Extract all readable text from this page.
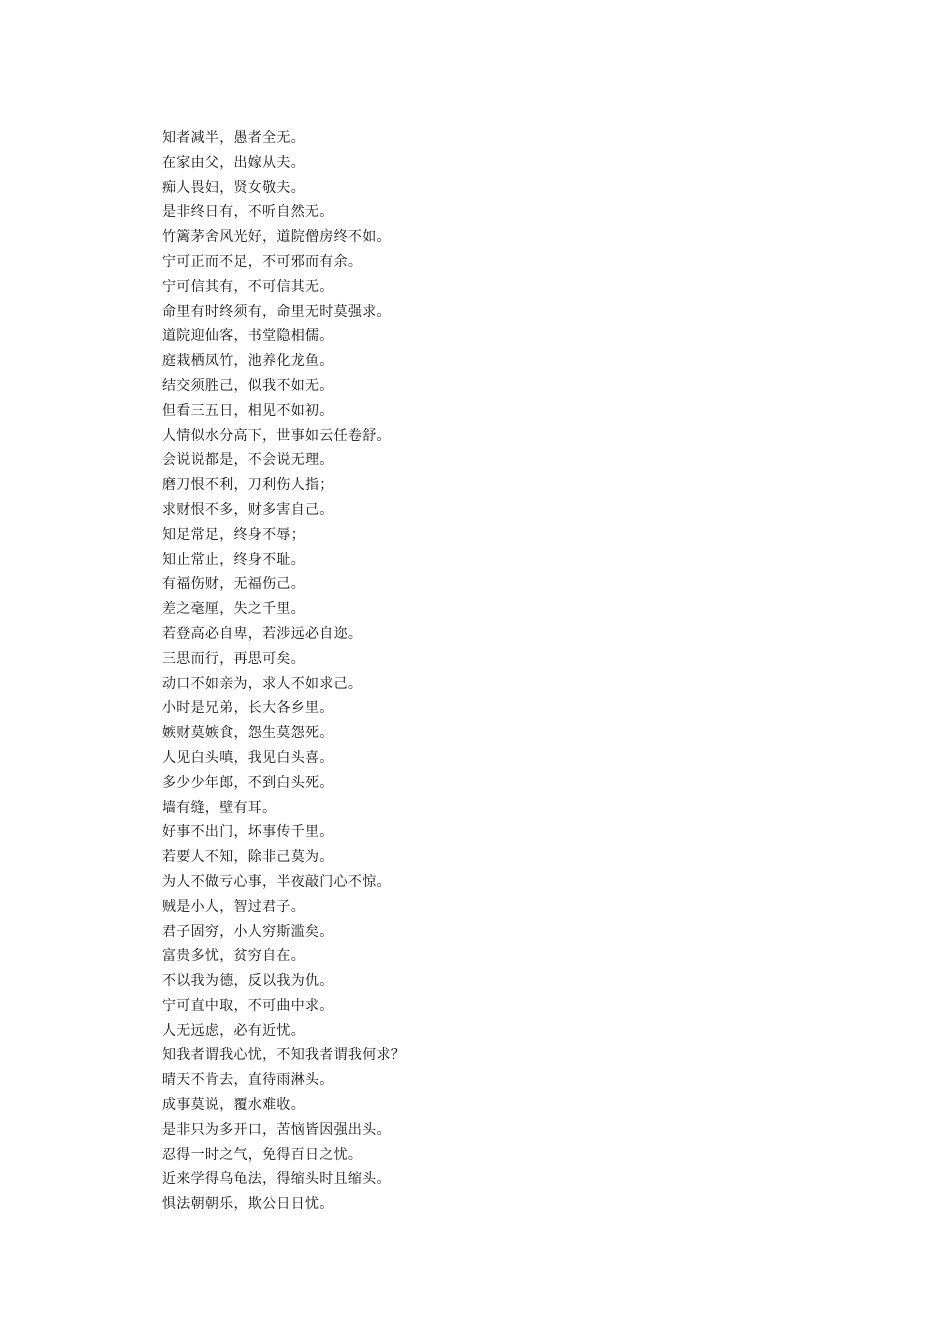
知者减半，愚者全无。
在家由父，出嫁从夫。
痴人畏妇，贤女敬夫。
是非终日有，不听自然无。
竹篱茅舍风光好，道院僧房终不如。
宁可正而不足，不可邪而有余。
宁可信其有，不可信其无。
命里有时终须有，命里无时莫强求。
道院迎仙客，书堂隐相儒。
庭栽栖凤竹，池养化龙鱼。
结交须胜己，似我不如无。
但看三五日，相见不如初。
人情似水分高下，世事如云任卷舒。
会说说都是，不会说无理。
磨刀恨不利，刀利伤人指；
求财恨不多，财多害自己。
知足常足，终身不辱；
知止常止，终身不耻。
有福伤财，无福伤己。
差之毫厘，失之千里。
若登高必自卑，若涉远必自迩。
三思而行，再思可矣。
动口不如亲为，求人不如求己。
小时是兄弟，长大各乡里。
嫉财莫嫉食，怨生莫怨死。
人见白头嗔，我见白头喜。
多少少年郎，不到白头死。
墙有缝，壁有耳。
好事不出门，坏事传千里。
若要人不知，除非己莫为。
为人不做亏心事，半夜敲门心不惊。
贼是小人，智过君子。
君子固穷，小人穷斯滥矣。
富贵多忧，贫穷自在。
不以我为德，反以我为仇。
宁可直中取，不可曲中求。
人无远虑，必有近忧。
知我者谓我心忧，不知我者谓我何求？
晴天不肯去，直待雨淋头。
成事莫说，覆水难收。
是非只为多开口，苦恼皆因强出头。
忍得一时之气，免得百日之忧。
近来学得乌龟法，得缩头时且缩头。
惧法朝朝乐，欺公日日忧。
